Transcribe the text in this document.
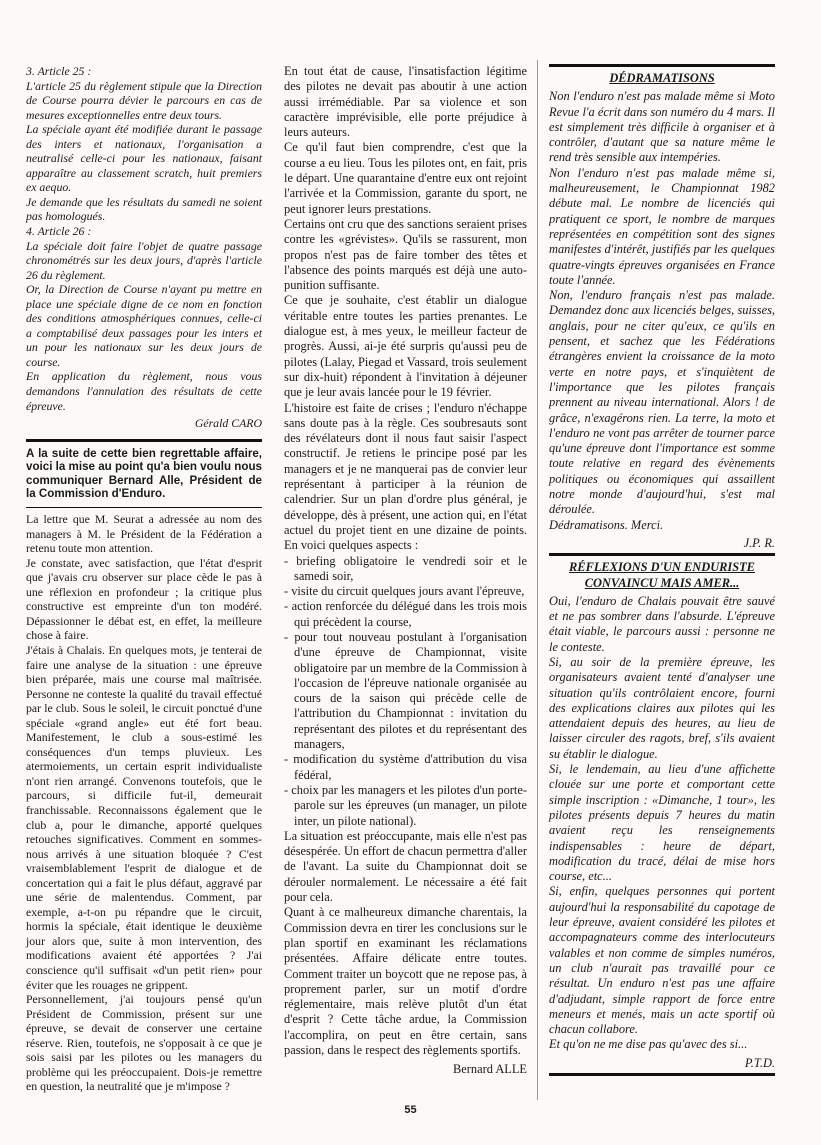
3. Article 25 :

L'article 25 du règlement stipule que la Direction de Course pourra dévier le parcours en cas de mesures exceptionnelles entre deux tours.

La spéciale ayant été modifiée durant le passage des inters et nationaux, l'organisation a neutralisé celle-ci pour les nationaux, faisant apparaître au classement scratch, huit premiers ex aequo.

Je demande que les résultats du samedi ne soient pas homologués.

4. Article 26 :

La spéciale doit faire l'objet de quatre passage chronométrés sur les deux jours, d'après l'article 26 du règlement.

Or, la Direction de Course n'ayant pu mettre en place une spéciale digne de ce nom en fonction des conditions atmosphériques connues, celle-ci a comptabilisé deux passages pour les inters et un pour les nationaux sur les deux jours de course.

En application du règlement, nous vous demandons l'annulation des résultats de cette épreuve.

Gérald CARO

A la suite de cette bien regrettable affaire, voici la mise au point qu'a bien voulu nous communiquer Bernard Alle, Président de la Commission d'Enduro.

La lettre que M. Seurat a adressée au nom des managers à M. le Président de la Fédération a retenu toute mon attention.

Je constate, avec satisfaction, que l'état d'esprit que j'avais cru observer sur place cède le pas à une réflexion en profondeur ; la critique plus constructive est empreinte d'un ton modéré. Dépassionner le débat est, en effet, la meilleure chose à faire.

J'étais à Chalais. En quelques mots, je tenterai de faire une analyse de la situation : une épreuve bien préparée, mais une course mal maîtrisée. Personne ne conteste la qualité du travail effectué par le club. Sous le soleil, le circuit ponctué d'une spéciale «grand angle» eut été fort beau. Manifestement, le club a sous-estimé les conséquences d'un temps pluvieux. Les atermoiements, un certain esprit individualiste n'ont rien arrangé. Convenons toutefois, que le parcours, si difficile fut-il, demeurait franchissable. Reconnaissons également que le club a, pour le dimanche, apporté quelques retouches significatives. Comment en sommes-nous arrivés à une situation bloquée ? C'est vraisemblablement l'esprit de dialogue et de concertation qui a fait le plus défaut, aggravé par une série de malentendus. Comment, par exemple, a-t-on pu répandre que le circuit, hormis la spéciale, était identique le deuxième jour alors que, suite à mon intervention, des modifications avaient été apportées ? J'ai conscience qu'il suffisait «d'un petit rien» pour éviter que les rouages ne grippent.

Personnellement, j'ai toujours pensé qu'un Président de Commission, présent sur une épreuve, se devait de conserver une certaine réserve. Rien, toutefois, ne s'opposait à ce que je sois saisi par les pilotes ou les managers du problème qui les préoccupaient. Dois-je remettre en question, la neutralité que je m'impose ?

En tout état de cause, l'insatisfaction légitime des pilotes ne devait pas aboutir à une action aussi irrémédiable. Par sa violence et son caractère imprévisible, elle porte préjudice à leurs auteurs.

Ce qu'il faut bien comprendre, c'est que la course a eu lieu. Tous les pilotes ont, en fait, pris le départ. Une quarantaine d'entre eux ont rejoint l'arrivée et la Commission, garante du sport, ne peut ignorer leurs prestations.

Certains ont cru que des sanctions seraient prises contre les «grévistes». Qu'ils se rassurent, mon propos n'est pas de faire tomber des têtes et l'absence des points marqués est déjà une auto-punition suffisante.

Ce que je souhaite, c'est établir un dialogue véritable entre toutes les parties prenantes. Le dialogue est, à mes yeux, le meilleur facteur de progrès. Aussi, ai-je été surpris qu'aussi peu de pilotes (Lalay, Piegad et Vassard, trois seulement sur dix-huit) répondent à l'invitation à déjeuner que je leur avais lancée pour le 19 février.

L'histoire est faite de crises ; l'enduro n'échappe sans doute pas à la règle. Ces soubresauts sont des révélateurs dont il nous faut saisir l'aspect constructif. Je retiens le principe posé par les managers et je ne manquerai pas de convier leur représentant à participer à la réunion de calendrier. Sur un plan d'ordre plus général, je développe, dès à présent, une action qui, en l'état actuel du projet tient en une dizaine de points. En voici quelques aspects :

- briefing obligatoire le vendredi soir et le samedi soir,

- visite du circuit quelques jours avant l'épreuve,

- action renforcée du délégué dans les trois mois qui précèdent la course,

- pour tout nouveau postulant à l'organisation d'une épreuve de Championnat, visite obligatoire par un membre de la Commission à l'occasion de l'épreuve nationale organisée au cours de la saison qui précède celle de l'attribution du Championnat : invitation du représentant des pilotes et du représentant des managers,

- modification du système d'attribution du visa fédéral,

- choix par les managers et les pilotes d'un porte-parole sur les épreuves (un manager, un pilote inter, un pilote national).

La situation est préoccupante, mais elle n'est pas désespérée. Un effort de chacun permettra d'aller de l'avant. La suite du Championnat doit se dérouler normalement. Le nécessaire a été fait pour cela.

Quant à ce malheureux dimanche charentais, la Commission devra en tirer les conclusions sur le plan sportif en examinant les réclamations présentées. Affaire délicate entre toutes. Comment traiter un boycott que ne repose pas, à proprement parler, sur un motif d'ordre réglementaire, mais relève plutôt d'un état d'esprit ? Cette tâche ardue, la Commission l'accomplira, on peut en être certain, sans passion, dans le respect des règlements sportifs.

Bernard ALLE

DÉDRAMATISONS

Non l'enduro n'est pas malade même si Moto Revue l'a écrit dans son numéro du 4 mars. Il est simplement très difficile à organiser et à contrôler, d'autant que sa nature même le rend très sensible aux intempéries.

Non l'enduro n'est pas malade même si, malheureusement, le Championnat 1982 débute mal. Le nombre de licenciés qui pratiquent ce sport, le nombre de marques représentées en compétition sont des signes manifestes d'intérêt, justifiés par les quelques quatre-vingts épreuves organisées en France toute l'année.

Non, l'enduro français n'est pas malade. Demandez donc aux licenciés belges, suisses, anglais, pour ne citer qu'eux, ce qu'ils en pensent, et sachez que les Fédérations étrangères envient la croissance de la moto verte en notre pays, et s'inquiètent de l'importance que les pilotes français prennent au niveau international. Alors ! de grâce, n'exagérons rien. La terre, la moto et l'enduro ne vont pas arrêter de tourner parce qu'une épreuve dont l'importance est somme toute relative en regard des évènements politiques ou économiques qui assaillent notre monde d'aujourd'hui, s'est mal déroulée.

Dédramatisons. Merci.

J.P. R.

RÉFLEXIONS D'UN ENDURISTE CONVAINCU MAIS AMER...

Oui, l'enduro de Chalais pouvait être sauvé et ne pas sombrer dans l'absurde. L'épreuve était viable, le parcours aussi : personne ne le conteste.

Si, au soir de la première épreuve, les organisateurs avaient tenté d'analyser une situation qu'ils contrôlaient encore, fourni des explications claires aux pilotes qui les attendaient depuis des heures, au lieu de laisser circuler des ragots, bref, s'ils avaient su établir le dialogue.

Si, le lendemain, au lieu d'une affichette clouée sur une porte et comportant cette simple inscription : «Dimanche, 1 tour», les pilotes présents depuis 7 heures du matin avaient reçu les renseignements indispensables : heure de départ, modification du tracé, délai de mise hors course, etc...

Si, enfin, quelques personnes qui portent aujourd'hui la responsabilité du capotage de leur épreuve, avaient considéré les pilotes et accompagnateurs comme des interlocuteurs valables et non comme de simples numéros, un club n'aurait pas travaillé pour ce résultat. Un enduro n'est pas une affaire d'adjudant, simple rapport de force entre meneurs et menés, mais un acte sportif où chacun collabore.

Et qu'on ne me dise pas qu'avec des si...

P.T.D.

55
